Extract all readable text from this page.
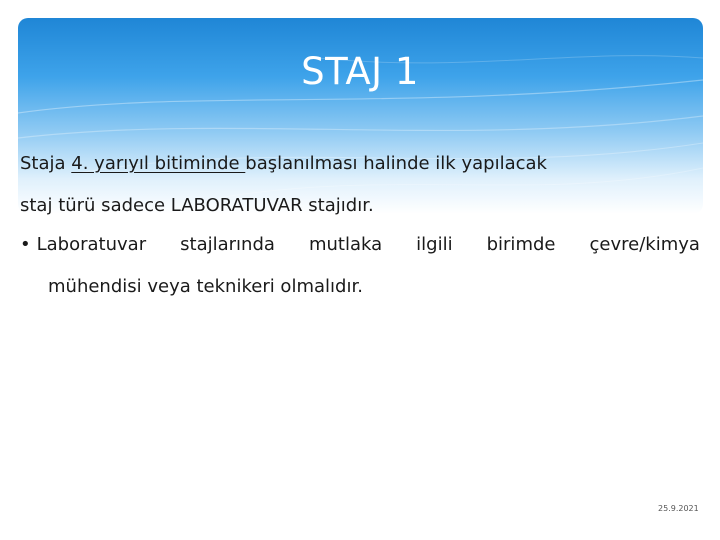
STAJ 1
Staja 4. yarıyıl bitiminde başlanılması halinde ilk yapılacak
staj türü sadece LABORATUVAR stajıdır.
• Laboratuvar stajlarında mutlaka ilgili birimde çevre/kimya
mühendisi veya teknikeri olmalıdır.
25.9.2021
